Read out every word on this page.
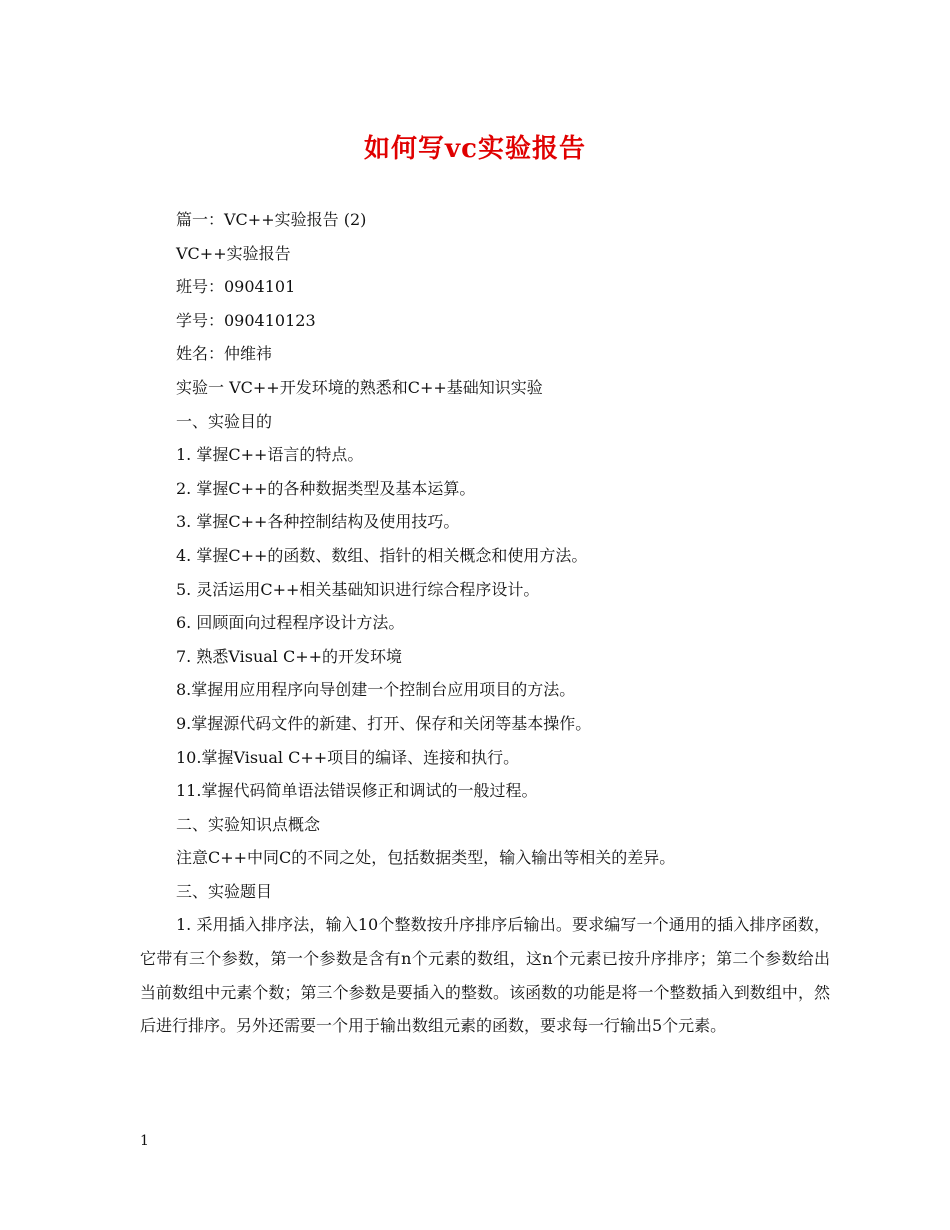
如何写vc实验报告
篇一：VC++实验报告 (2)
VC++实验报告
班号：0904101
学号：090410123
姓名：仲维祎
实验一 VC++开发环境的熟悉和C++基础知识实验
一、实验目的
1. 掌握C++语言的特点。
2. 掌握C++的各种数据类型及基本运算。
3. 掌握C++各种控制结构及使用技巧。
4. 掌握C++的函数、数组、指针的相关概念和使用方法。
5. 灵活运用C++相关基础知识进行综合程序设计。
6. 回顾面向过程程序设计方法。
7. 熟悉Visual C++的开发环境
8.掌握用应用程序向导创建一个控制台应用项目的方法。
9.掌握源代码文件的新建、打开、保存和关闭等基本操作。
10.掌握Visual C++项目的编译、连接和执行。
11.掌握代码简单语法错误修正和调试的一般过程。
二、实验知识点概念
注意C++中同C的不同之处，包括数据类型，输入输出等相关的差异。
三、实验题目
1. 采用插入排序法，输入10个整数按升序排序后输出。要求编写一个通用的插入排序函数，它带有三个参数，第一个参数是含有n个元素的数组，这n个元素已按升序排序；第二个参数给出当前数组中元素个数；第三个参数是要插入的整数。该函数的功能是将一个整数插入到数组中，然后进行排序。另外还需要一个用于输出数组元素的函数，要求每一行输出5个元素。
1
